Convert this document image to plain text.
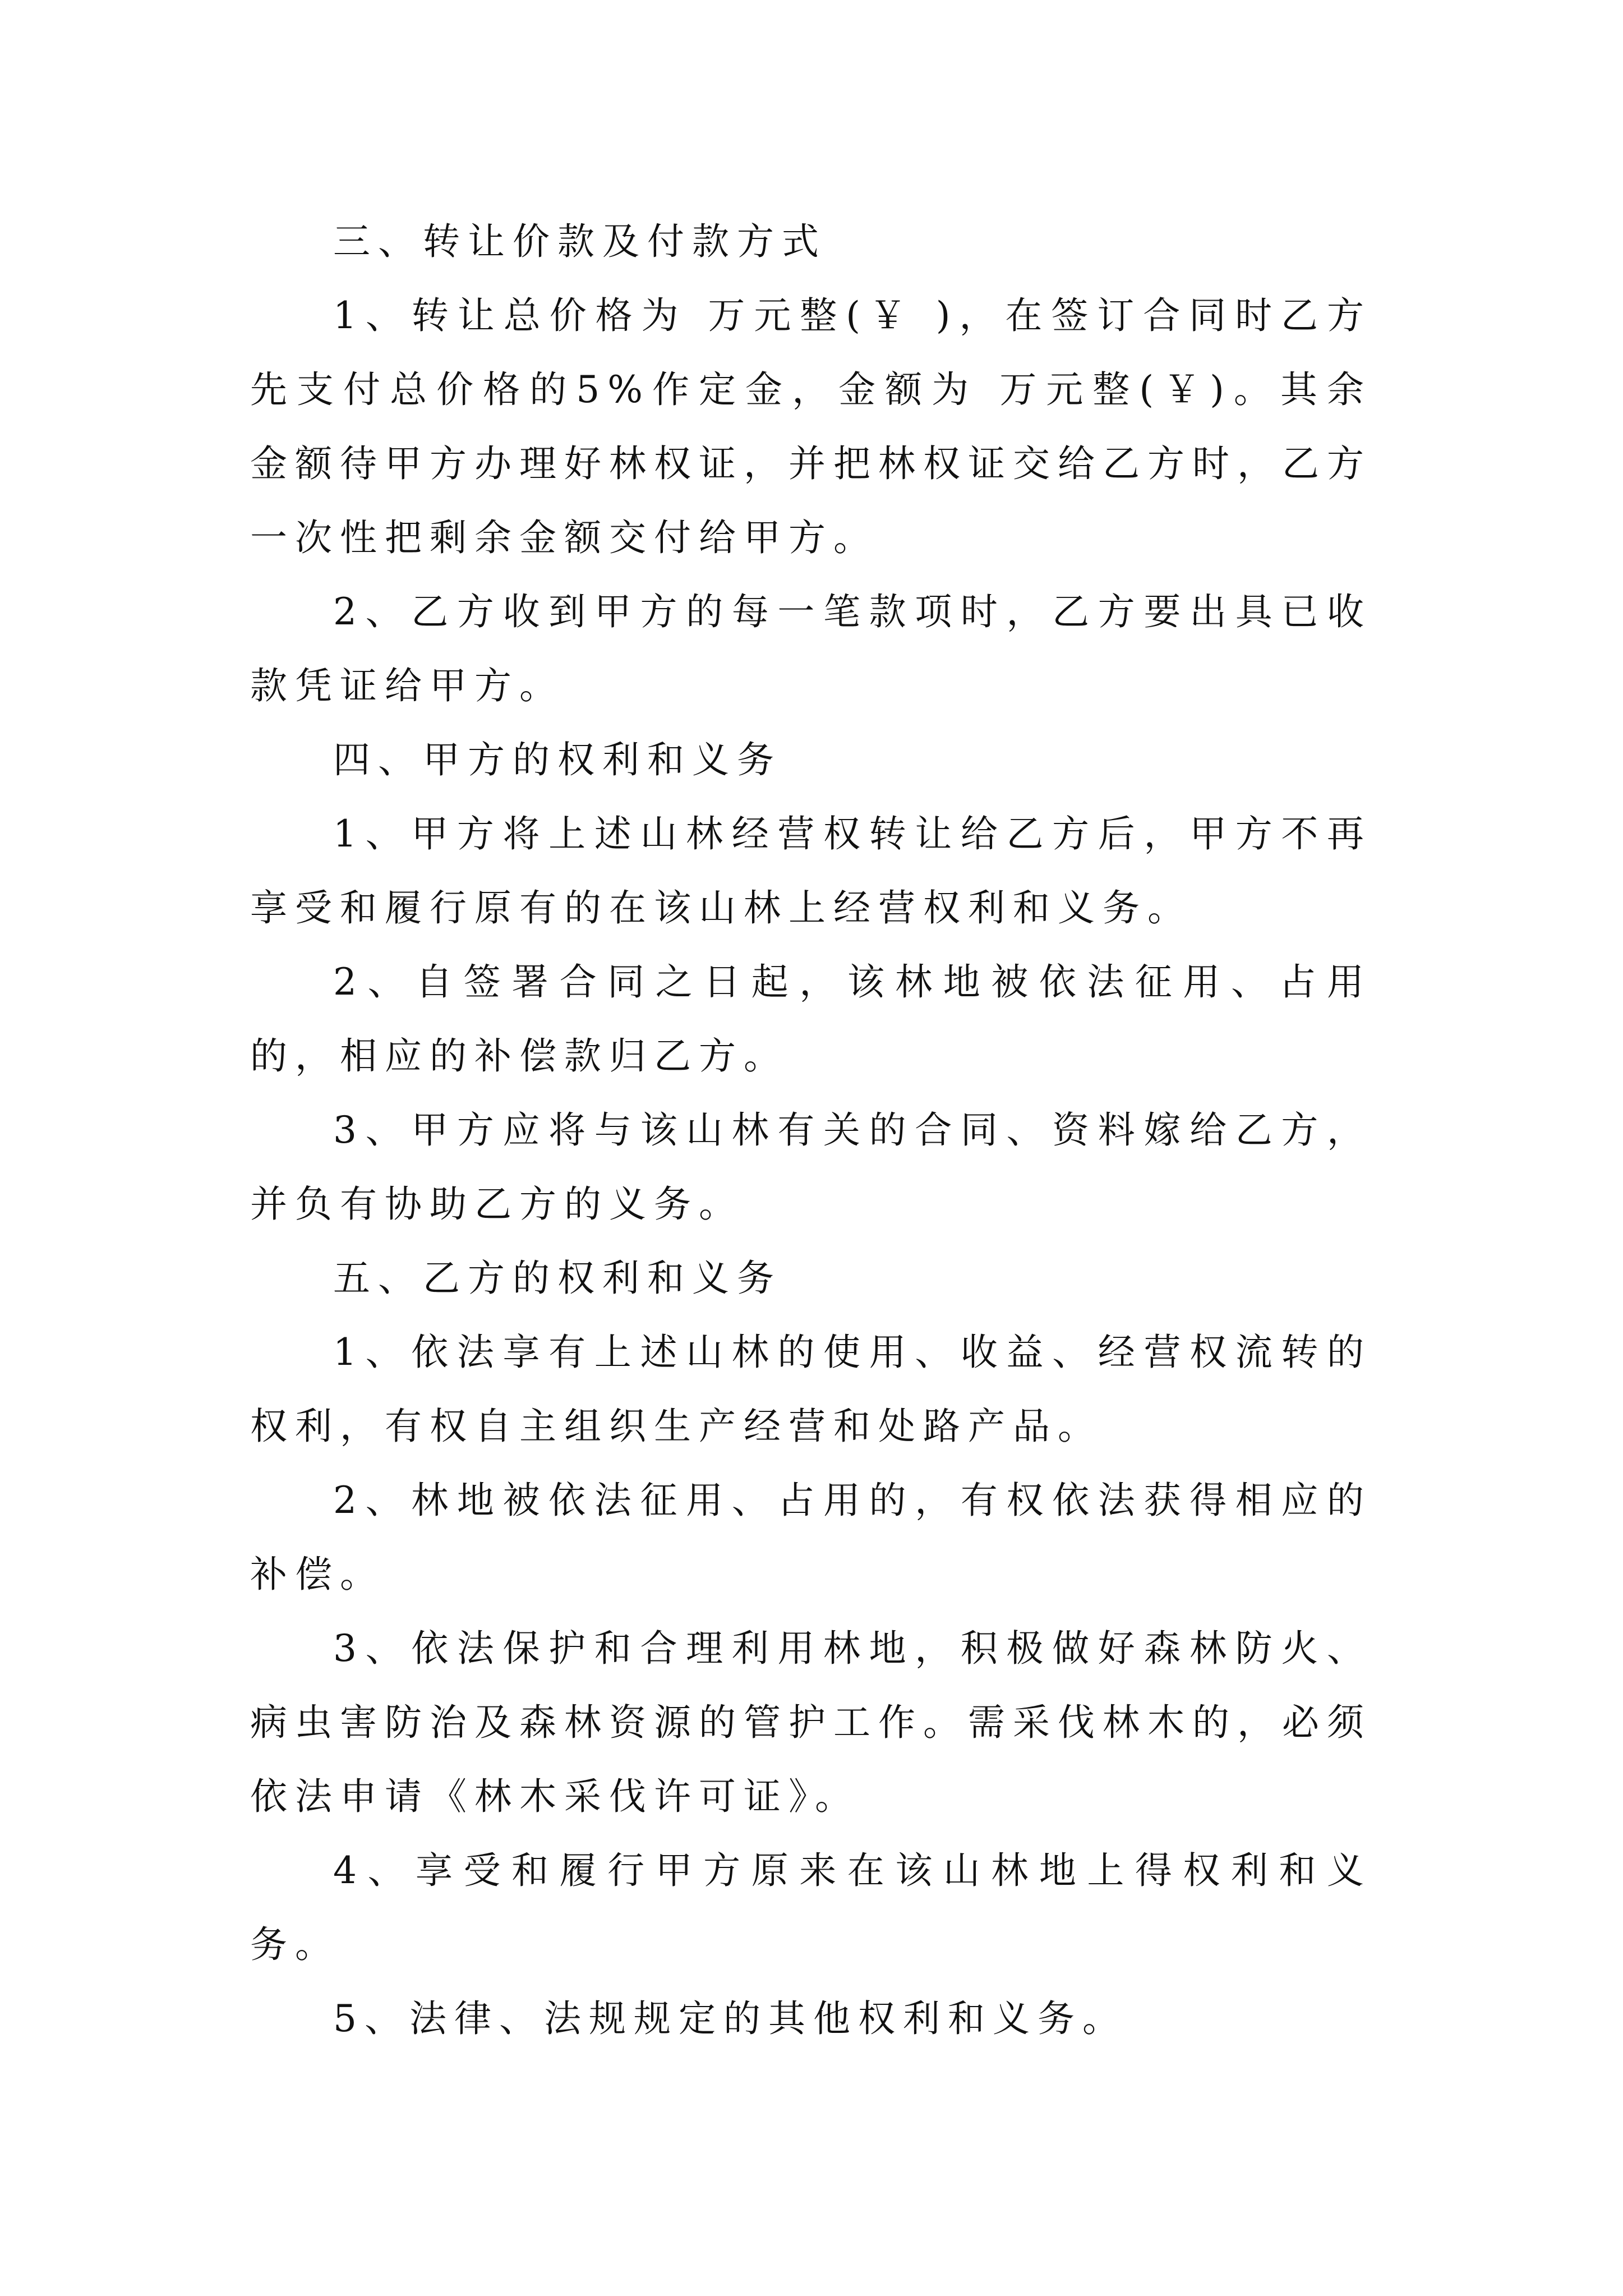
三、转让价款及付款方式

1、转让总价格为 万元整(￥ )，在签订合同时乙方先支付总价格的5%作定金，金额为 万元整(￥)。其余金额待甲方办理好林权证，并把林权证交给乙方时，乙方一次性把剩余金额交付给甲方。

2、乙方收到甲方的每一笔款项时，乙方要出具已收款凭证给甲方。

四、甲方的权利和义务

1、甲方将上述山林经营权转让给乙方后，甲方不再享受和履行原有的在该山林上经营权利和义务。

2、自签署合同之日起，该林地被依法征用、占用的，相应的补偿款归乙方。

3、甲方应将与该山林有关的合同、资料嫁给乙方，并负有协助乙方的义务。

五、乙方的权利和义务

1、依法享有上述山林的使用、收益、经营权流转的权利，有权自主组织生产经营和处路产品。

2、林地被依法征用、占用的，有权依法获得相应的补偿。

3、依法保护和合理利用林地，积极做好森林防火、病虫害防治及森林资源的管护工作。需采伐林木的，必须依法申请《林木采伐许可证》。

4、享受和履行甲方原来在该山林地上得权利和义务。

5、法律、法规规定的其他权利和义务。
